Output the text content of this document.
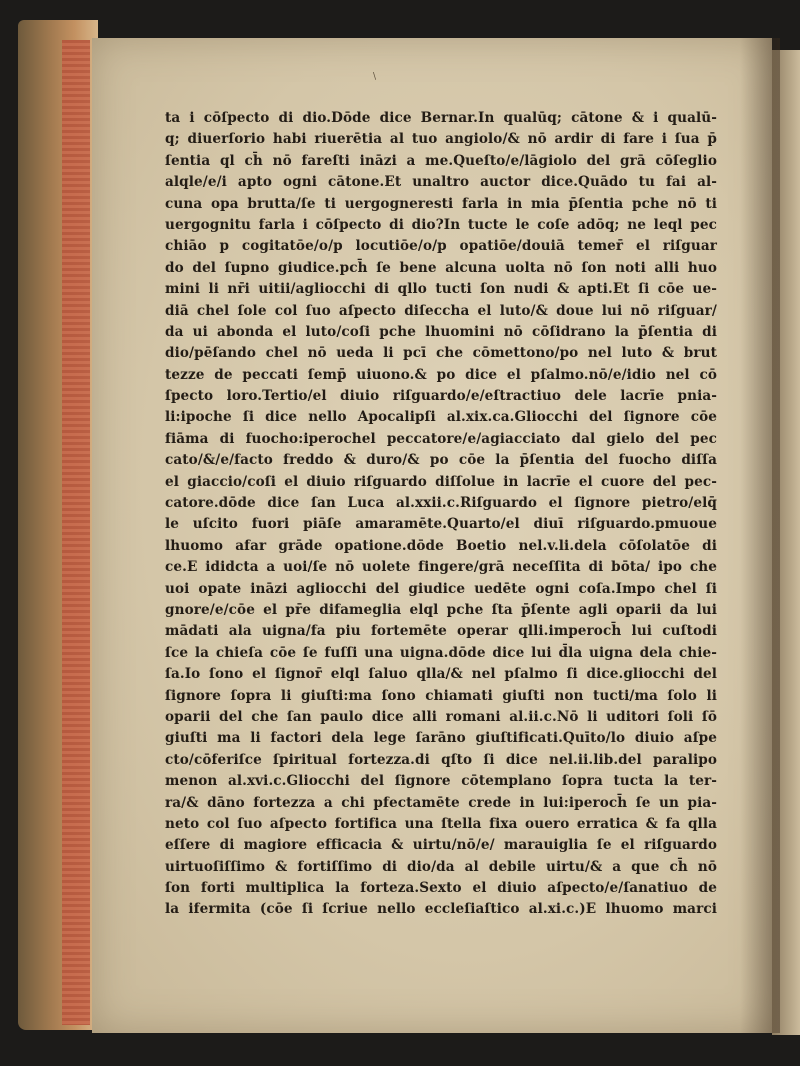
\
ta i cōſpecto di dio.Dōde dice Bernar.In qualūq; cātone & i qualū-
q; diuerſorio habi riuerētia al tuo angiolo/& nō ardir di fare i ſua p̄
ſentia ql ch̄ nō fareſti ināzi a me.Queſto/e/lāgiolo del grā cōſeglio
alqle/e/i apto ogni cātone.Et unaltro auctor dice.Quādo tu fai al-
cuna opa brutta/ſe ti uergogneresti farla in mia p̄ſentia pche nō ti
uergognitu farla i cōſpecto di dio?In tucte le coſe adōq; ne leql pec
chiāo p cogitatōe/o/p locutiōe/o/p opatiōe/douiā temer̄ el riſguar
do del ſupno giudice.pch̄ ſe bene alcuna uolta nō ſon noti alli huo
mini li nr̄i uitii/agliocchi di qllo tucti ſon nudi & apti.Et ſi cōe ue-
diā chel ſole col ſuo aſpecto diſeccha el luto/& doue lui nō riſguar/
da ui abonda el luto/coſi pche lhuomini nō cōſidrano la p̄ſentia di
dio/pēſando chel nō ueda li pcī che cōmettono/po nel luto & brut
tezze de peccati ſemp̄ uiuono.& po dice el pſalmo.nō/e/idio nel cō
ſpecto loro.Tertio/el diuio riſguardo/e/eſtractiuo dele lacrīe pnia-
li:ipoche ſi dice nello Apocalipſi al.xix.ca.Gliocchi del ſignore cōe
fiāma di fuocho:iperochel peccatore/e/agiacciato dal gielo del pec
cato/&/e/facto freddo & duro/& po cōe la p̄ſentia del fuocho diſſa
el giaccio/coſi el diuio riſguardo diſſolue in lacrīe el cuore del pec-
catore.dōde dice ſan Luca al.xxii.c.Riſguardo el ſignore pietro/elq̄
le uſcito fuori piāſe amaramēte.Quarto/el diuī riſguardo.pmuoue
lhuomo afar grāde opatione.dōde Boetio nel.v.li.dela cōſolatōe di
ce.E ididcta a uoi/ſe nō uolete fingere/grā neceſſita di bōta/ ipo che
uoi opate ināzi agliocchi del giudice uedēte ogni coſa.Impo chel ſi
gnore/e/cōe el pr̄e difameglia elql pche ſta p̄ſente agli oparii da lui
mādati ala uigna/fa piu fortemēte operar qlli.imperoch̄ lui cuſtodi
ſce la chieſa cōe ſe fuſſi una uigna.dōde dice lui d̄la uigna dela chie-
ſa.Io ſono el ſignor̄ elql ſaluo qlla/& nel pſalmo ſi dice.gliocchi del
ſignore ſopra li giuſti:ma ſono chiamati giuſti non tucti/ma ſolo li
oparii del che ſan paulo dice alli romani al.ii.c.Nō li uditori ſoli ſō
giuſti ma li factori dela lege ſarāno giuſtificati.Quīto/lo diuio aſpe
cto/cōferiſce ſpiritual fortezza.di qſto ſi dice nel.ii.lib.del paralipo
menon al.xvi.c.Gliocchi del ſignore cōtemplano ſopra tucta la ter-
ra/& dāno fortezza a chi pfectamēte crede in lui:iperoch̄ ſe un pia-
neto col ſuo aſpecto fortifica una ſtella fixa ouero erratica & fa qlla
eſſere di magiore efficacia & uirtu/nō/e/ marauiglia ſe el riſguardo
uirtuoſiſſimo & fortiſſimo di dio/da al debile uirtu/& a que ch̄ nō
ſon forti multiplica la forteza.Sexto el diuio aſpecto/e/ſanatiuo de
la ifermita (cōe ſi ſcriue nello eccleſiaſtico al.xi.c.)E lhuomo marci
